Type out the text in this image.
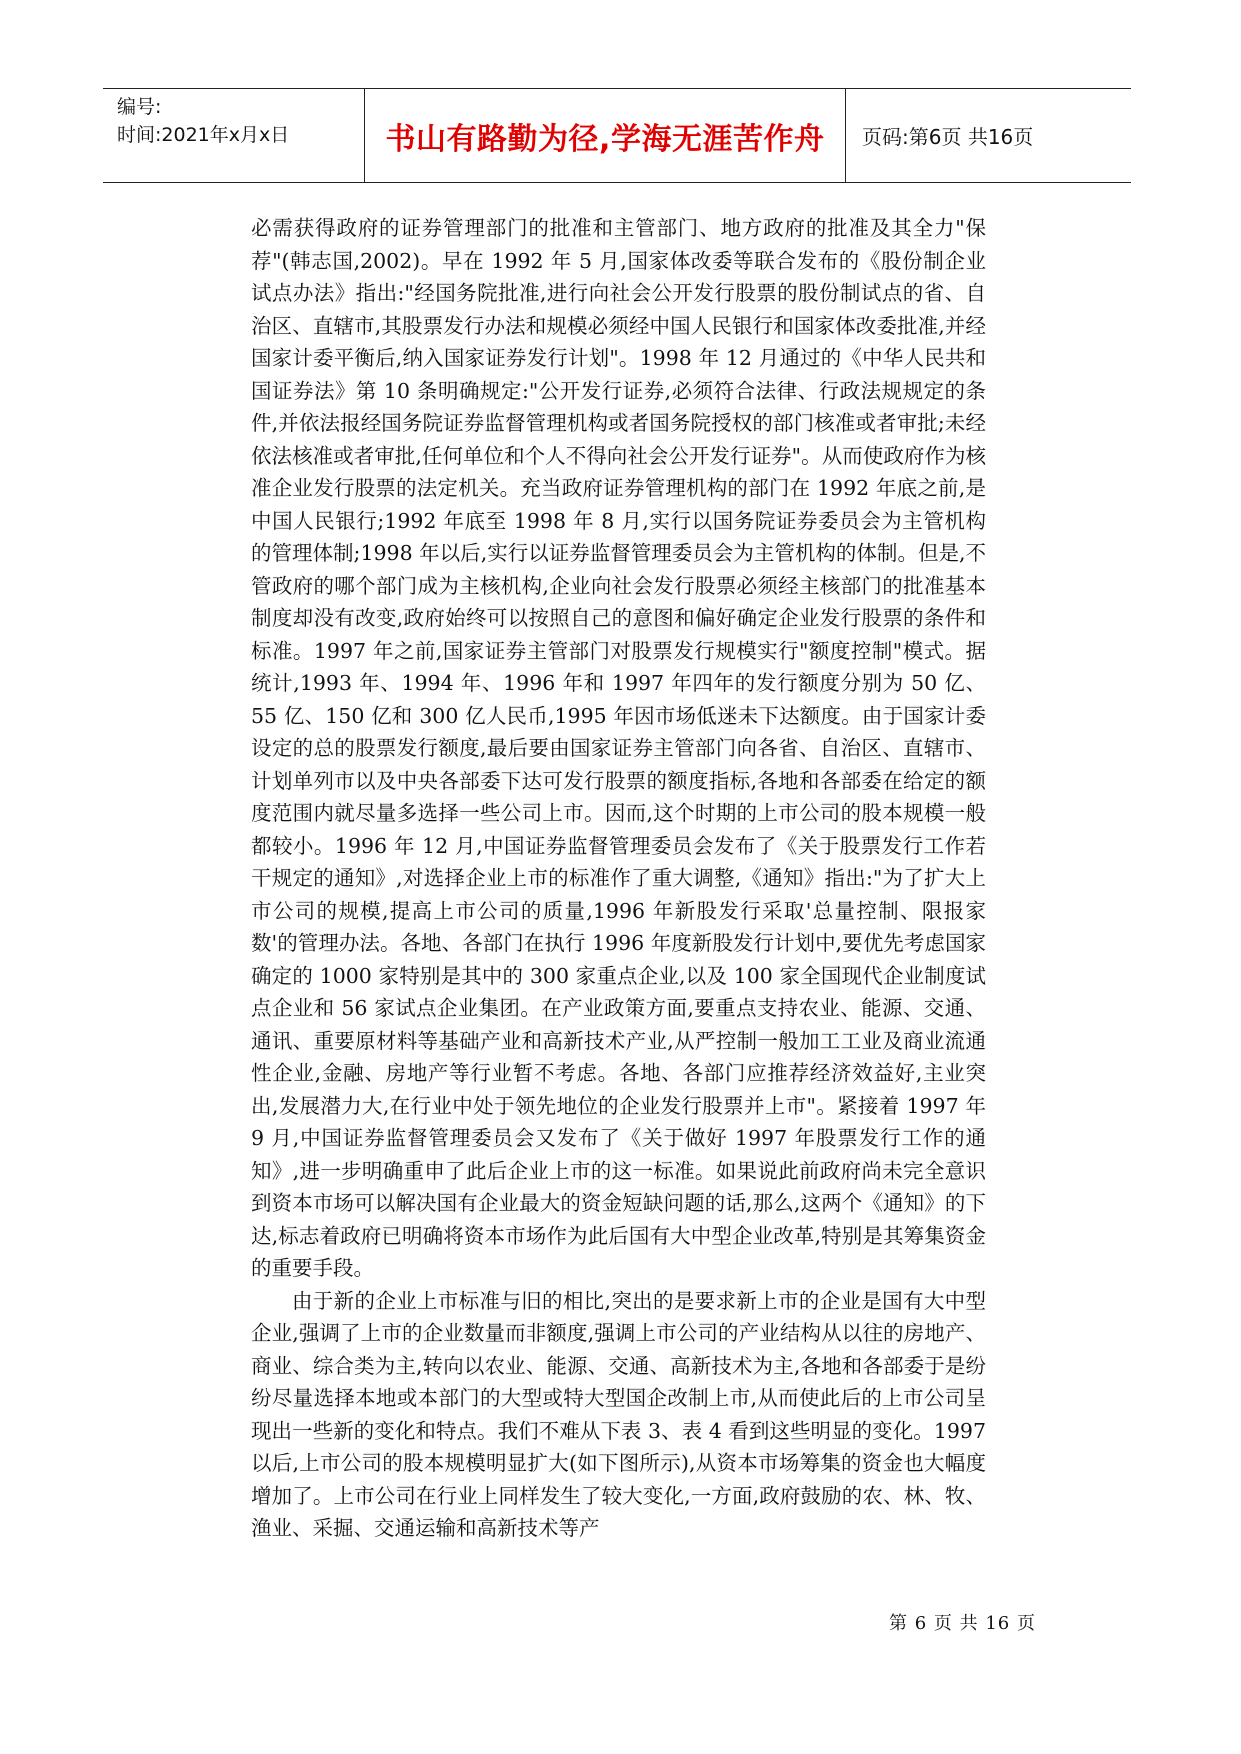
编号:
时间:2021年x月x日	书山有路勤为径,学海无涯苦作舟	页码:第6页 共16页

必需获得政府的证券管理部门的批准和主管部门、地方政府的批准及其全力"保荐"(韩志国,2002)。早在 1992 年 5 月,国家体改委等联合发布的《股份制企业试点办法》指出:"经国务院批准,进行向社会公开发行股票的股份制试点的省、自治区、直辖市,其股票发行办法和规模必须经中国人民银行和国家体改委批准,并经国家计委平衡后,纳入国家证券发行计划"。1998 年 12 月通过的《中华人民共和国证券法》第 10 条明确规定:"公开发行证券,必须符合法律、行政法规规定的条件,并依法报经国务院证券监督管理机构或者国务院授权的部门核准或者审批;未经依法核准或者审批,任何单位和个人不得向社会公开发行证券"。从而使政府作为核准企业发行股票的法定机关。充当政府证券管理机构的部门在 1992 年底之前,是中国人民银行;1992 年底至 1998 年 8 月,实行以国务院证券委员会为主管机构的管理体制;1998 年以后,实行以证券监督管理委员会为主管机构的体制。但是,不管政府的哪个部门成为主核机构,企业向社会发行股票必须经主核部门的批准基本制度却没有改变,政府始终可以按照自己的意图和偏好确定企业发行股票的条件和标准。1997 年之前,国家证券主管部门对股票发行规模实行"额度控制"模式。据统计,1993 年、1994 年、1996 年和 1997 年四年的发行额度分别为 50 亿、55 亿、150 亿和 300 亿人民币,1995 年因市场低迷未下达额度。由于国家计委设定的总的股票发行额度,最后要由国家证券主管部门向各省、自治区、直辖市、计划单列市以及中央各部委下达可发行股票的额度指标,各地和各部委在给定的额度范围内就尽量多选择一些公司上市。因而,这个时期的上市公司的股本规模一般都较小。1996 年 12 月,中国证券监督管理委员会发布了《关于股票发行工作若干规定的通知》,对选择企业上市的标准作了重大调整,《通知》指出:"为了扩大上市公司的规模,提高上市公司的质量,1996 年新股发行采取'总量控制、限报家数'的管理办法。各地、各部门在执行 1996 年度新股发行计划中,要优先考虑国家确定的 1000 家特别是其中的 300 家重点企业,以及 100 家全国现代企业制度试点企业和 56 家试点企业集团。在产业政策方面,要重点支持农业、能源、交通、通讯、重要原材料等基础产业和高新技术产业,从严控制一般加工工业及商业流通性企业,金融、房地产等行业暂不考虑。各地、各部门应推荐经济效益好,主业突出,发展潜力大,在行业中处于领先地位的企业发行股票并上市"。紧接着 1997 年 9 月,中国证券监督管理委员会又发布了《关于做好 1997 年股票发行工作的通知》,进一步明确重申了此后企业上市的这一标准。如果说此前政府尚未完全意识到资本市场可以解决国有企业最大的资金短缺问题的话,那么,这两个《通知》的下达,标志着政府已明确将资本市场作为此后国有大中型企业改革,特别是其筹集资金的重要手段。

由于新的企业上市标准与旧的相比,突出的是要求新上市的企业是国有大中型企业,强调了上市的企业数量而非额度,强调上市公司的产业结构从以往的房地产、商业、综合类为主,转向以农业、能源、交通、高新技术为主,各地和各部委于是纷纷尽量选择本地或本部门的大型或特大型国企改制上市,从而使此后的上市公司呈现出一些新的变化和特点。我们不难从下表 3、表 4 看到这些明显的变化。1997 以后,上市公司的股本规模明显扩大(如下图所示),从资本市场筹集的资金也大幅度增加了。上市公司在行业上同样发生了较大变化,一方面,政府鼓励的农、林、牧、渔业、采掘、交通运输和高新技术等产

第 6 页 共 16 页
